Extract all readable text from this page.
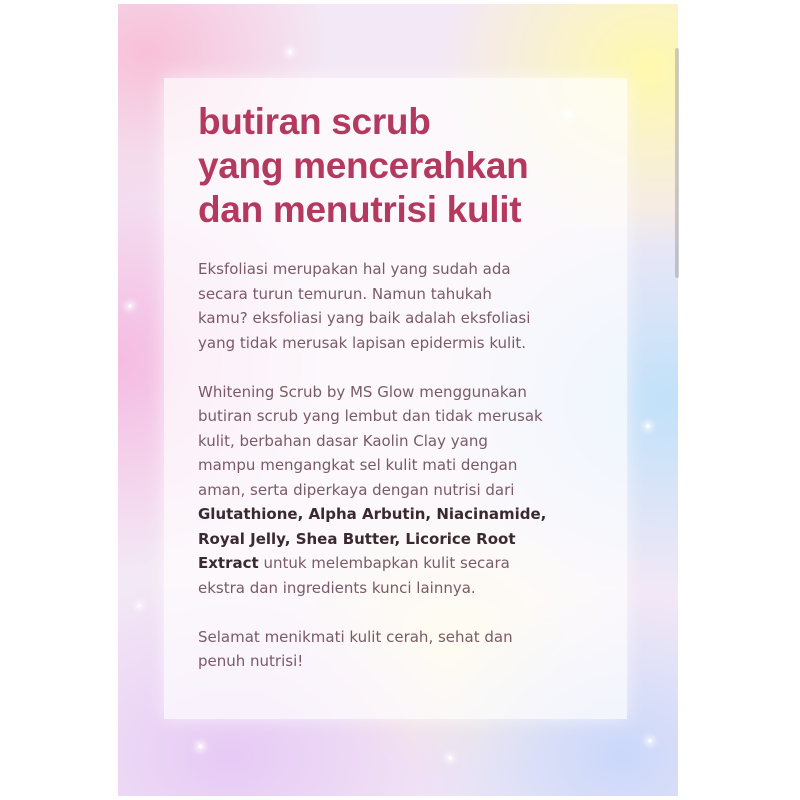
butiran scrub
yang mencerahkan
dan menutrisi kulit

Eksfoliasi merupakan hal yang sudah ada
secara turun temurun. Namun tahukah
kamu? eksfoliasi yang baik adalah eksfoliasi
yang tidak merusak lapisan epidermis kulit.

Whitening Scrub by MS Glow menggunakan
butiran scrub yang lembut dan tidak merusak
kulit, berbahan dasar Kaolin Clay yang
mampu mengangkat sel kulit mati dengan
aman, serta diperkaya dengan nutrisi dari
Glutathione, Alpha Arbutin, Niacinamide,
Royal Jelly, Shea Butter, Licorice Root
Extract untuk melembapkan kulit secara
ekstra dan ingredients kunci lainnya.

Selamat menikmati kulit cerah, sehat dan
penuh nutrisi!
